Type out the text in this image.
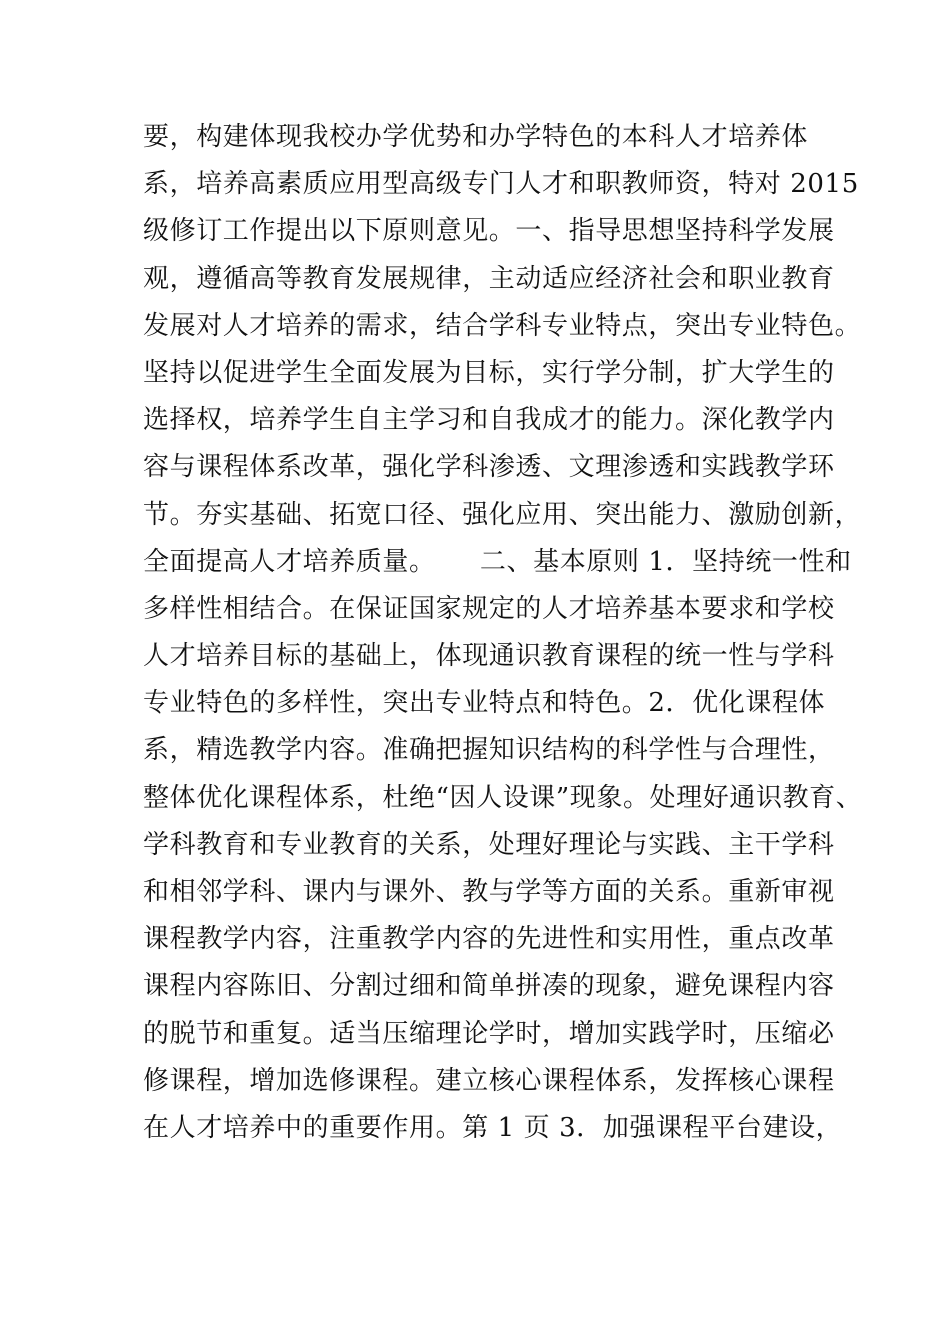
要，构建体现我校办学优势和办学特色的本科人才培养体
系，培养高素质应用型高级专门人才和职教师资，特对 2015
级修订工作提出以下原则意见。一、指导思想坚持科学发展
观，遵循高等教育发展规律，主动适应经济社会和职业教育
发展对人才培养的需求，结合学科专业特点，突出专业特色。
坚持以促进学生全面发展为目标，实行学分制，扩大学生的
选择权，培养学生自主学习和自我成才的能力。深化教学内
容与课程体系改革，强化学科渗透、文理渗透和实践教学环
节。夯实基础、拓宽口径、强化应用、突出能力、激励创新，
全面提高人才培养质量。     二、基本原则 1．坚持统一性和
多样性相结合。在保证国家规定的人才培养基本要求和学校
人才培养目标的基础上，体现通识教育课程的统一性与学科
专业特色的多样性，突出专业特点和特色。2．优化课程体
系，精选教学内容。准确把握知识结构的科学性与合理性，
整体优化课程体系，杜绝“因人设课”现象。处理好通识教育、
学科教育和专业教育的关系，处理好理论与实践、主干学科
和相邻学科、课内与课外、教与学等方面的关系。重新审视
课程教学内容，注重教学内容的先进性和实用性，重点改革
课程内容陈旧、分割过细和简单拼凑的现象，避免课程内容
的脱节和重复。适当压缩理论学时，增加实践学时，压缩必
修课程，增加选修课程。建立核心课程体系，发挥核心课程
在人才培养中的重要作用。第 1 页 3．加强课程平台建设，
